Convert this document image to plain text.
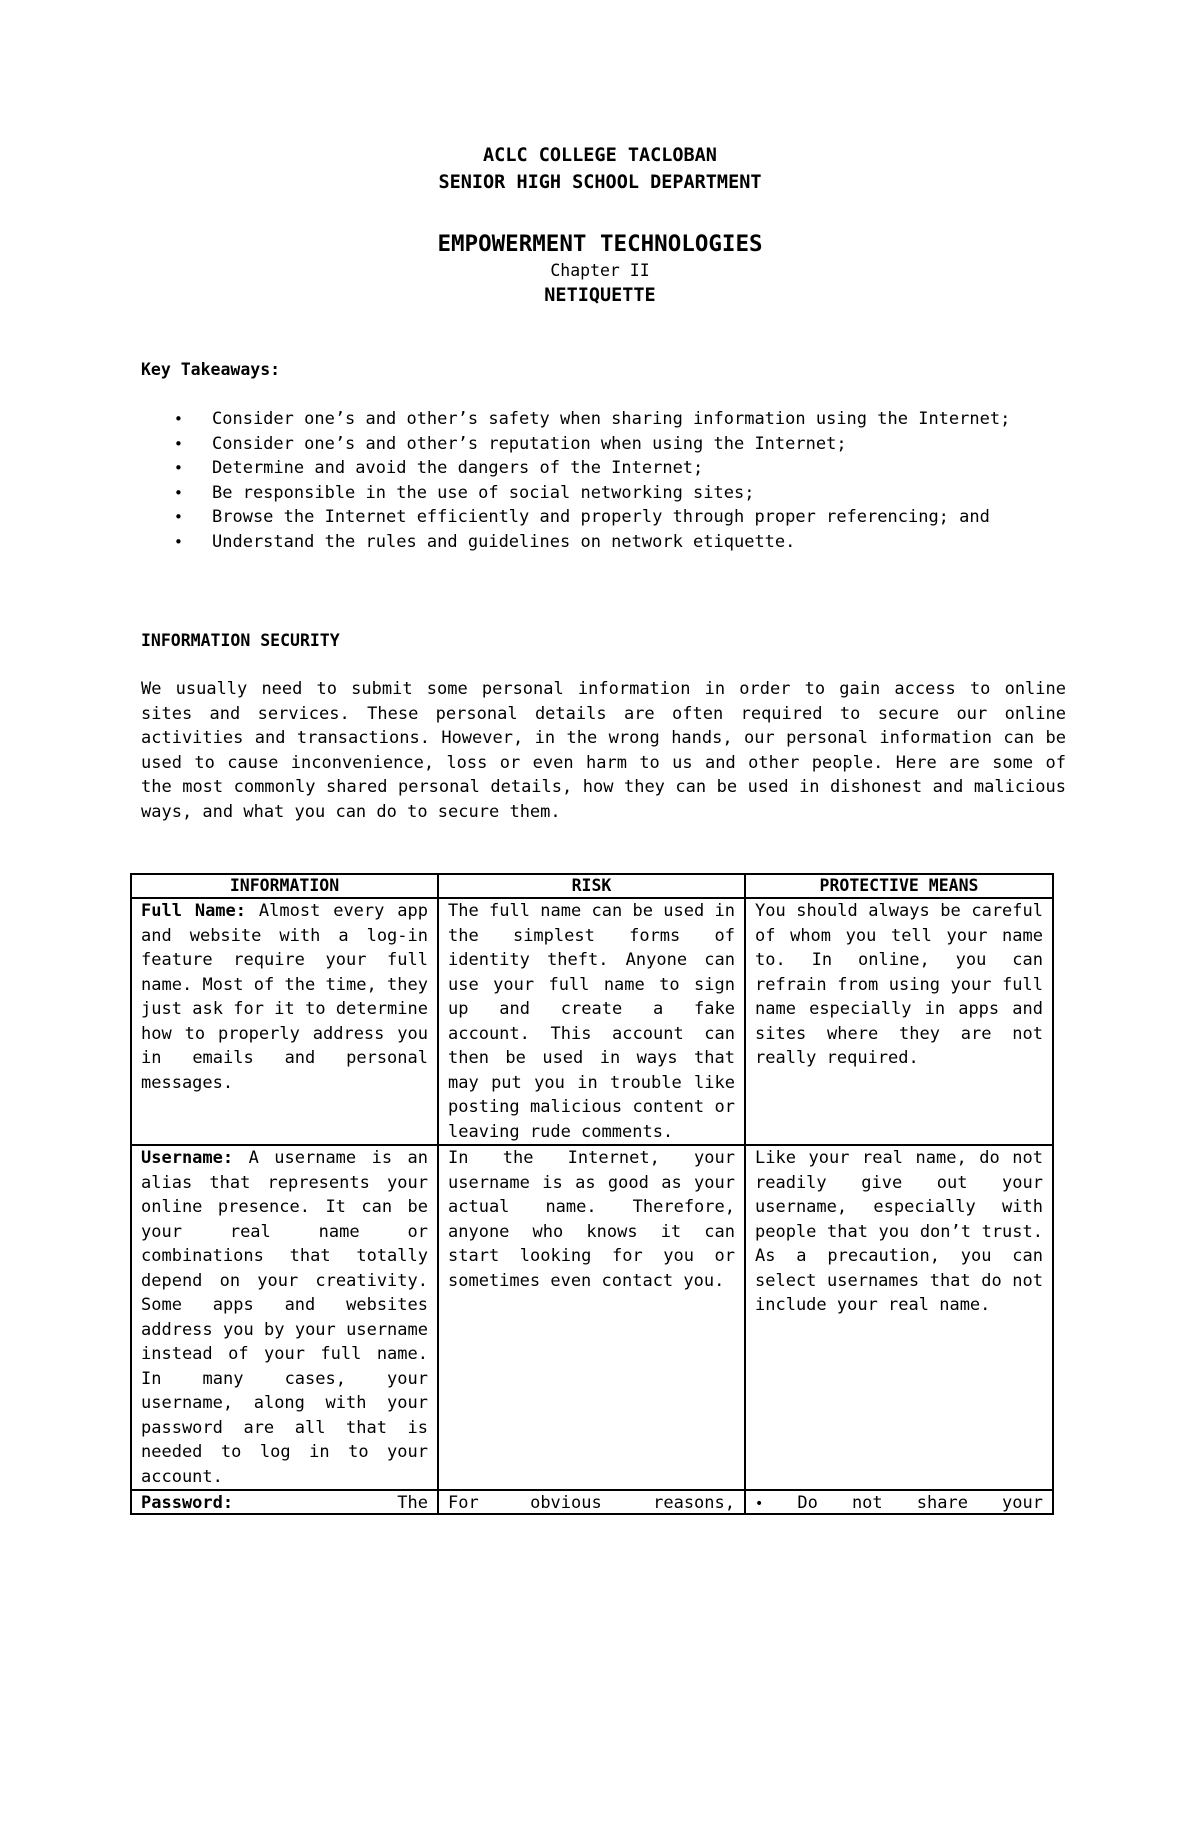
ACLC COLLEGE TACLOBAN
SENIOR HIGH SCHOOL DEPARTMENT
EMPOWERMENT TECHNOLOGIES
Chapter II
NETIQUETTE
Key Takeaways:
• Consider one’s and other’s safety when sharing information using the Internet;
• Consider one’s and other’s reputation when using the Internet;
• Determine and avoid the dangers of the Internet;
• Be responsible in the use of social networking sites;
• Browse the Internet efficiently and properly through proper referencing; and
• Understand the rules and guidelines on network etiquette.
INFORMATION SECURITY

We usually need to submit some personal information in order to gain access to online sites and services. These personal details are often required to secure our online activities and transactions. However, in the wrong hands, our personal information can be used to cause inconvenience, loss or even harm to us and other people. Here are some of the most commonly shared personal details, how they can be used in dishonest and malicious ways, and what you can do to secure them.

INFORMATION	RISK	PROTECTIVE MEANS
Full Name: Almost every app and website with a log-in feature require your full name. Most of the time, they just ask for it to determine how to properly address you in emails and personal messages.	The full name can be used in the simplest forms of identity theft. Anyone can use your full name to sign up and create a fake account. This account can then be used in ways that may put you in trouble like posting malicious content or leaving rude comments.	You should always be careful of whom you tell your name to. In online, you can refrain from using your full name especially in apps and sites where they are not really required.
Username: A username is an alias that represents your online presence. It can be your real name or combinations that totally depend on your creativity. Some apps and websites address you by your username instead of your full name. In many cases, your username, along with your password are all that is needed to log in to your account.	In the Internet, your username is as good as your actual name. Therefore, anyone who knows it can start looking for you or sometimes even contact you.	Like your real name, do not readily give out your username, especially with people that you don’t trust. As a precaution, you can select usernames that do not include your real name.

Password: The	For obvious reasons,	• Do not share your
